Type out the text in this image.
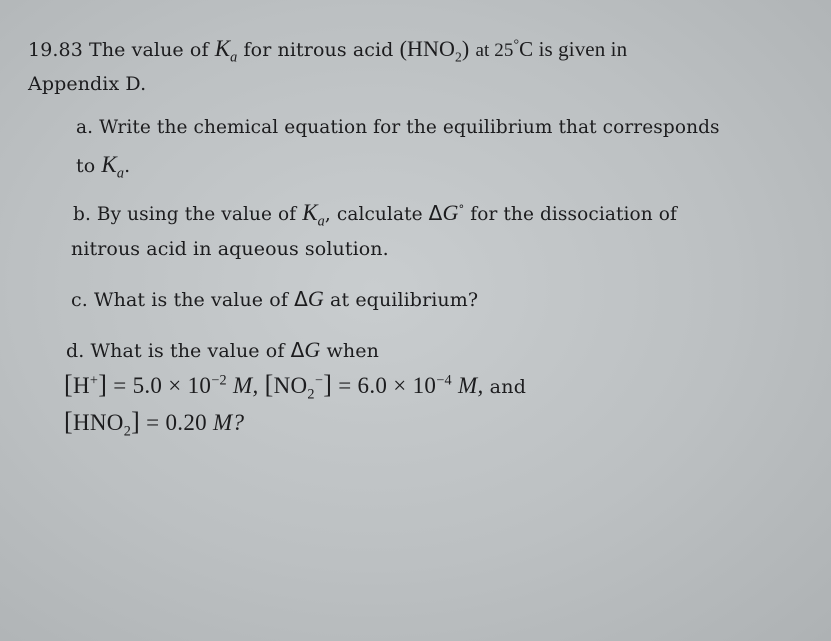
19.83 The value of $K_a$ for nitrous acid $(HNO_2)$ at 25°C is given in
Appendix D.
a. Write the chemical equation for the equilibrium that corresponds
to $K_a$.
b. By using the value of $K_a$, calculate ΔG° for the dissociation of
nitrous acid in aqueous solution.
c. What is the value of ΔG at equilibrium?
d. What is the value of ΔG when
$[H^+] = 5.0 \times 10^{-2}$ M, $[NO_2^-] = 6.0 \times 10^{-4}$ M, and
$[HNO_2] = 0.20$ M?
